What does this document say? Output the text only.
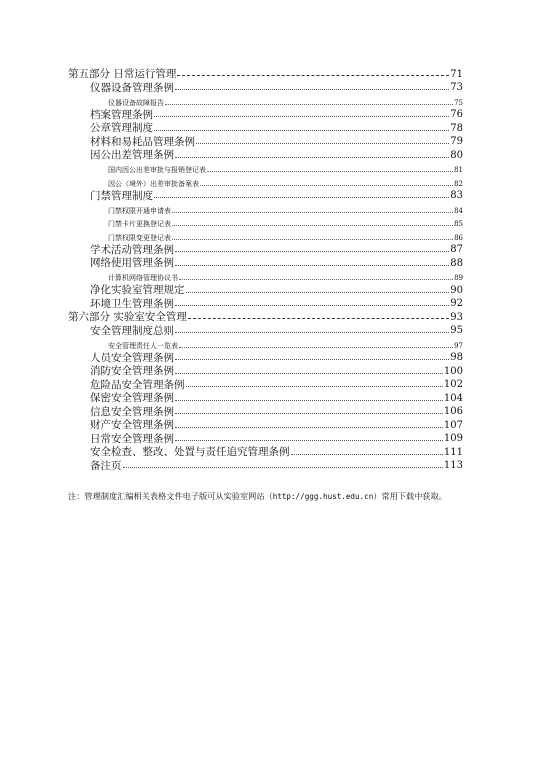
第五部分 日常运行管理	71
仪器设备管理条例	73
仪器设备故障报告	75
档案管理条例	76
公章管理制度	78
材料和易耗品管理条例	79
因公出差管理条例	80
国内因公出差审批与报销登记表	81
因公（境外）出差审批备案表	82
门禁管理制度	83
门禁权限开通申请表	84
门禁卡片更换登记表	85
门禁权限变更登记表	86
学术活动管理条例	87
网络使用管理条例	88
计算机网络管理协议书	89
净化实验室管理规定	90
环境卫生管理条例	92
第六部分 实验室安全管理	93
安全管理制度总则	95
安全管理责任人一览表	97
人员安全管理条例	98
消防安全管理条例	100
危险品安全管理条例	102
保密安全管理条例	104
信息安全管理条例	106
财产安全管理条例	107
日常安全管理条例	109
安全检查、整改、处置与责任追究管理条例	111
备注页	113
注：管理制度汇编相关表格文件电子版可从实验室网站（http://ggg.hust.edu.cn）常用下载中获取。
